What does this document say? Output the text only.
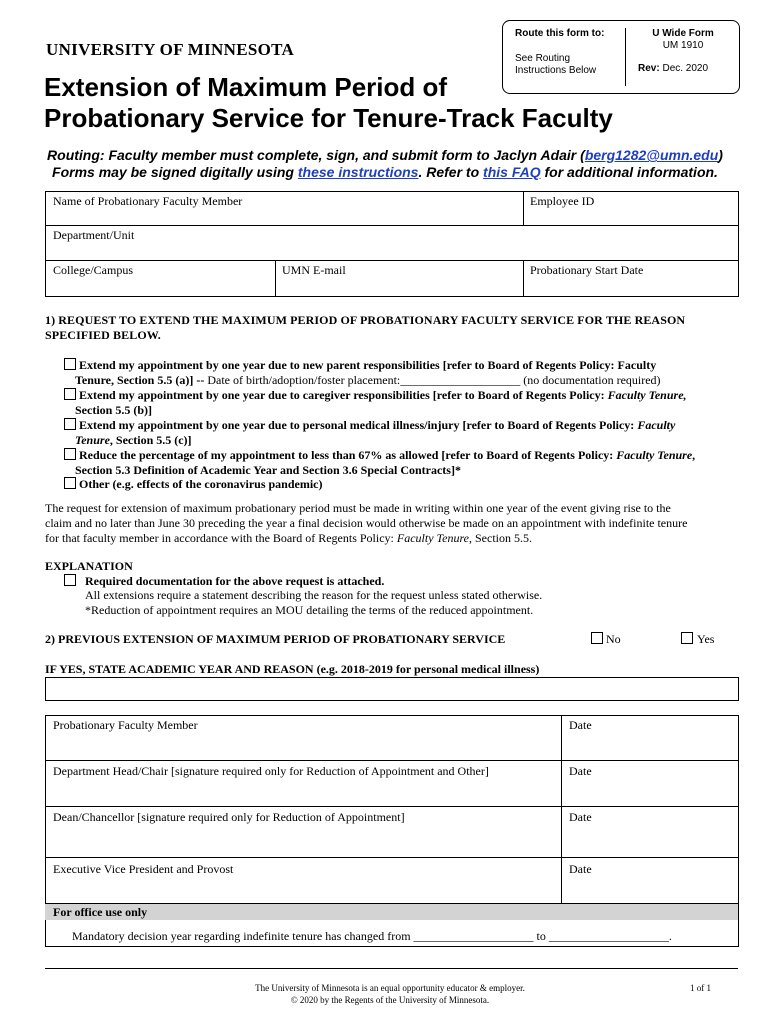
UNIVERSITY OF MINNESOTA
Extension of Maximum Period of
Probationary Service for Tenure-Track Faculty
Route this form to:
See Routing
Instructions Below
U Wide Form
UM 1910
Rev: Dec. 2020
Routing: Faculty member must complete, sign, and submit form to Jaclyn Adair (berg1282@umn.edu)
Forms may be signed digitally using these instructions. Refer to this FAQ for additional information.
Name of Probationary Faculty Member	Employee ID
Department/Unit
College/Campus	UMN E-mail	Probationary Start Date
1) REQUEST TO EXTEND THE MAXIMUM PERIOD OF PROBATIONARY FACULTY SERVICE FOR THE REASON
SPECIFIED BELOW.
Extend my appointment by one year due to new parent responsibilities [refer to Board of Regents Policy: Faculty
Tenure, Section 5.5 (a)] -- Date of birth/adoption/foster placement:____________________ (no documentation required)
Extend my appointment by one year due to caregiver responsibilities [refer to Board of Regents Policy: Faculty Tenure,
Section 5.5 (b)]
Extend my appointment by one year due to personal medical illness/injury [refer to Board of Regents Policy: Faculty
Tenure, Section 5.5 (c)]
Reduce the percentage of my appointment to less than 67% as allowed [refer to Board of Regents Policy: Faculty Tenure,
Section 5.3 Definition of Academic Year and Section 3.6 Special Contracts]*
Other (e.g. effects of the coronavirus pandemic)
The request for extension of maximum probationary period must be made in writing within one year of the event giving rise to the
claim and no later than June 30 preceding the year a final decision would otherwise be made on an appointment with indefinite tenure
for that faculty member in accordance with the Board of Regents Policy: Faculty Tenure, Section 5.5.
EXPLANATION
Required documentation for the above request is attached.
All extensions require a statement describing the reason for the request unless stated otherwise.
*Reduction of appointment requires an MOU detailing the terms of the reduced appointment.
2) PREVIOUS EXTENSION OF MAXIMUM PERIOD OF PROBATIONARY SERVICE	No	Yes
IF YES, STATE ACADEMIC YEAR AND REASON (e.g. 2018-2019 for personal medical illness)
Probationary Faculty Member	Date
Department Head/Chair [signature required only for Reduction of Appointment and Other]	Date
Dean/Chancellor [signature required only for Reduction of Appointment]	Date
Executive Vice President and Provost	Date
For office use only
Mandatory decision year regarding indefinite tenure has changed from ____________________ to ____________________.
The University of Minnesota is an equal opportunity educator & employer.
© 2020 by the Regents of the University of Minnesota.
1 of 1
